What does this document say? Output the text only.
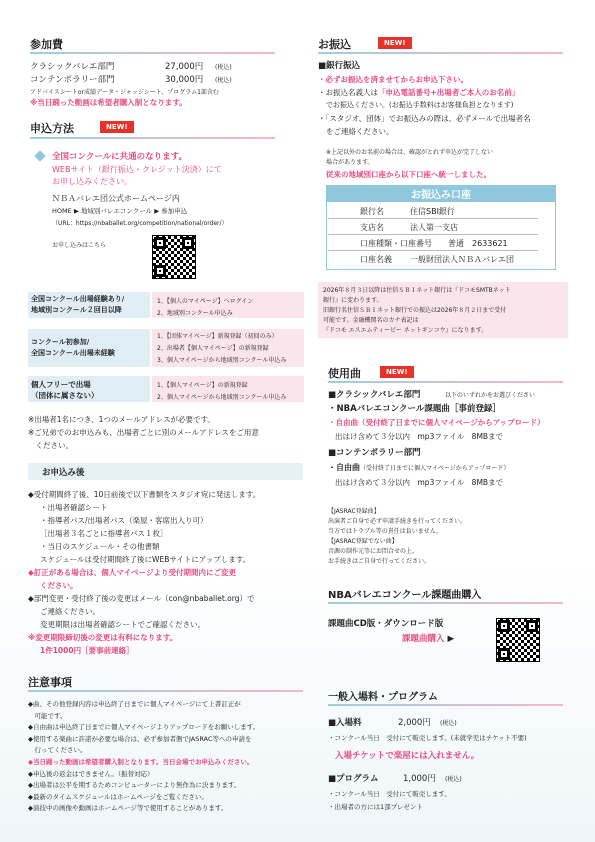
参加費
クラシックバレエ部門	27,000円 (税込)
コンテンポラリー部門	30,000円 (税込)
アドバイスシートor成績データ・ジャッジシート、プログラム1部含む
※当日踊った動画は希望者購入制となります。
申込方法	NEW!
全国コンクールに共通のなります。
WEBサイト（銀行振込・クレジット決済）にて
お申し込みください。
ＮＢＡバレエ団公式ホームページ内
HOME ▶ 地域別バレエコンクール ▶ 参加申込
（URL：https://nbaballet.org/competition/national/order/）
お申し込みはこちら
全国コンクール出場経験あり/
地域別コンクール２回目以降
1、【個人のマイページ】へログイン
2、地域別コンクール申込み
コンクール初参加/
全国コンクール出場未経験
1、【団体マイページ】新規登録（初回のみ）
2、出場者【個人マイページ】の新規登録
3、個人マイページから地域別コンクール申込み
個人フリーで出場
（団体に属さない）
1、【個人マイページ】の新規登録
2、個人マイページから地域別コンクール申込み
※出場者1名につき、1つのメールアドレスが必要です。
※ご兄弟でのお申込みも、出場者ごとに別のメールアドレスをご用意
　ください。
お申込み後
◆受付期間終了後、10日前後で以下書類をスタジオ宛に発送します。
・出場者確認シート
・指導者パス/出場者パス（楽屋・客席出入り可）
［出場者３名ごとに指導者パス１枚］
・当日のスケジュール・その他書類
スケジュールは受付期間終了後にWEBサイトにアップします。
◆訂正がある場合は、個人マイページより受付期間内にご変更
ください。
◆部門変更・受付終了後の変更はメール（con@nbaballet.org）で
ご連絡ください。
変更期限は出場者確認シートでご確認ください。
※変更期限締切後の変更は有料になります。
1件1000円［要事前連絡］
注意事項
◆曲、その他登録内容は申込終了日までに個人マイページにて上書訂正が
　可能です。
◆自由曲は申込終了日までに個人マイページよりアップロードをお願いします。
◆使用する楽曲に許諾が必要な場合は、必ず参加者側でJASRAC等への申請を
　行ってください。
◆当日踊った動画は希望者購入制となります。当日会場でお申込みください。
◆申込後の返金はできません。（振替対応）
◆出場者は公平を期するためコンピューターにより無作為に決まります。
◆最新のタイムスケジュールはホームページをご覧ください。
◆演技中の画像や動画はホームページ等で使用することがあります。
お振込	NEW!
■銀行振込
・必ずお振込を済ませてからお申込下さい。
・お振込名義人は「申込電話番号+出場者ご本人のお名前」
でお振込ください。(お振込手数料はお客様負担となります)
・「スタジオ、団体」でお振込みの際は、必ずメールで出場者名
をご連絡ください。
※上記以外のお名前の場合は、確認がとれず申込が完了しない
場合があります。
従来の地域別口座から以下口座へ統一しました。
お振込み口座
銀行名	住信SBI銀行
支店名	法人第一支店
口座種類・口座番号 普通　2633621
口座名義 一般財団法人ＮＢＡバレエ団
2026年８月３日以降は住信ＳＢＩネット銀行は『ドコモSMTBネット
銀行』に変わります。
旧銀行名住信ＳＢＩネット銀行での振込は2026年８月２日まで受付
可能です。金融機関名のカナ表記は
『ドコモ エスエムティービー ネットギンコウ』になります。
使用曲	NEW!
■クラシックバレエ部門	以下のいずれかをお選びください
・NBAバレエコンクール課題曲［事前登録］
・自由曲（受付終了日までに個人マイページからアップロード）
出はけ含めて３分以内　mp3ファイル　8MBまで
■コンテンポラリー部門
・自由曲（受付終了日までに個人マイページからアップロード）
出はけ含めて３分以内　mp3ファイル　8MBまで
【JASRAC登録曲】
出演者ご自身で必ず申請手続きを行ってください。
当方ではトラブル等の責任は負いません。
【JASRAC登録でない曲】
音源の制作元等にお問合せの上、
お手続きはご自身で行ってください。
NBAバレエコンクール課題曲購入
課題曲CD版・ダウンロード版
課題曲購入 ▶
一般入場料・プログラム
■入場料	2,000円 (税込)
・コンクール当日　受付にて販売します。(未就学児はチケット不要)
入場チケットで楽屋には入れません。
■プログラム	1,000円 (税込)
・コンクール当日　受付にて販売します。
・出場者の方には1部プレゼント
